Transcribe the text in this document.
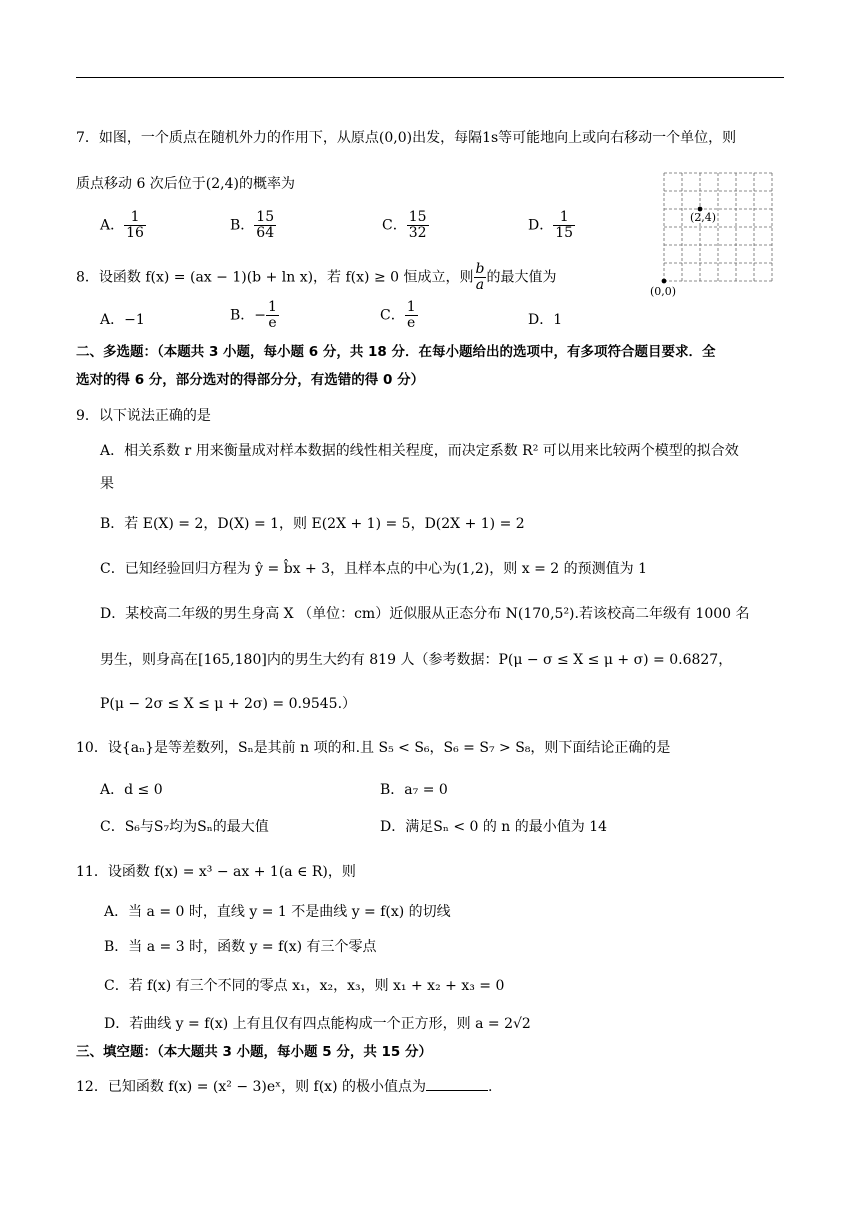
7．如图，一个质点在随机外力的作用下，从原点(0,0)出发，每隔1s等可能地向上或向右移动一个单位，则
质点移动 6 次后位于(2,4)的概率为
A． $\frac{1}{16}$	B． $\frac{15}{64}$	C． $\frac{15}{32}$	D． $\frac{1}{15}$	(2,4)
(0,0)
8．设函数 f(x) = (ax − 1)(b + ln x)，若 f(x) ≥ 0 恒成立，则 $\frac{b}{a}$ 的最大值为
A．−1	B．− $\frac{1}{e}$	C． $\frac{1}{e}$	D．1
二、多选题：（本题共 3 小题，每小题 6 分，共 18 分．在每小题给出的选项中，有多项符合题目要求．全
选对的得 6 分，部分选对的得部分分，有选错的得 0 分）
9．以下说法正确的是
A．相关系数 r 用来衡量成对样本数据的线性相关程度，而决定系数 R² 可以用来比较两个模型的拟合效
果
B．若 E(X) = 2，D(X) = 1，则 E(2X + 1) = 5，D(2X + 1) = 2
C．已知经验回归方程为 ŷ = b̂x + 3，且样本点的中心为(1,2)，则 x = 2 的预测值为 1
D．某校高二年级的男生身高 X （单位：cm）近似服从正态分布 N(170,5²).若该校高二年级有 1000 名
男生，则身高在[165,180]内的男生大约有 819 人（参考数据：P(μ − σ ≤ X ≤ μ + σ) = 0.6827，
P(μ − 2σ ≤ X ≤ μ + 2σ) = 0.9545.）
10．设{aₙ}是等差数列，Sₙ是其前 n 项的和.且 S₅ < S₆，S₆ = S₇ > S₈，则下面结论正确的是
A．d ≤ 0	B．a₇ = 0
C．S₆与S₇均为Sₙ的最大值	D．满足Sₙ < 0 的 n 的最小值为 14
11．设函数 f(x) = x³ − ax + 1(a ∈ R)，则
A．当 a = 0 时，直线 y = 1 不是曲线 y = f(x) 的切线
B．当 a = 3 时，函数 y = f(x) 有三个零点
C．若 f(x) 有三个不同的零点 x₁，x₂，x₃，则 x₁ + x₂ + x₃ = 0
D．若曲线 y = f(x) 上有且仅有四点能构成一个正方形，则 a = 2√2
三、填空题：（本大题共 3 小题，每小题 5 分，共 15 分）
12．已知函数 f(x) = (x² − 3)eˣ，则 f(x) 的极小值点为	.
